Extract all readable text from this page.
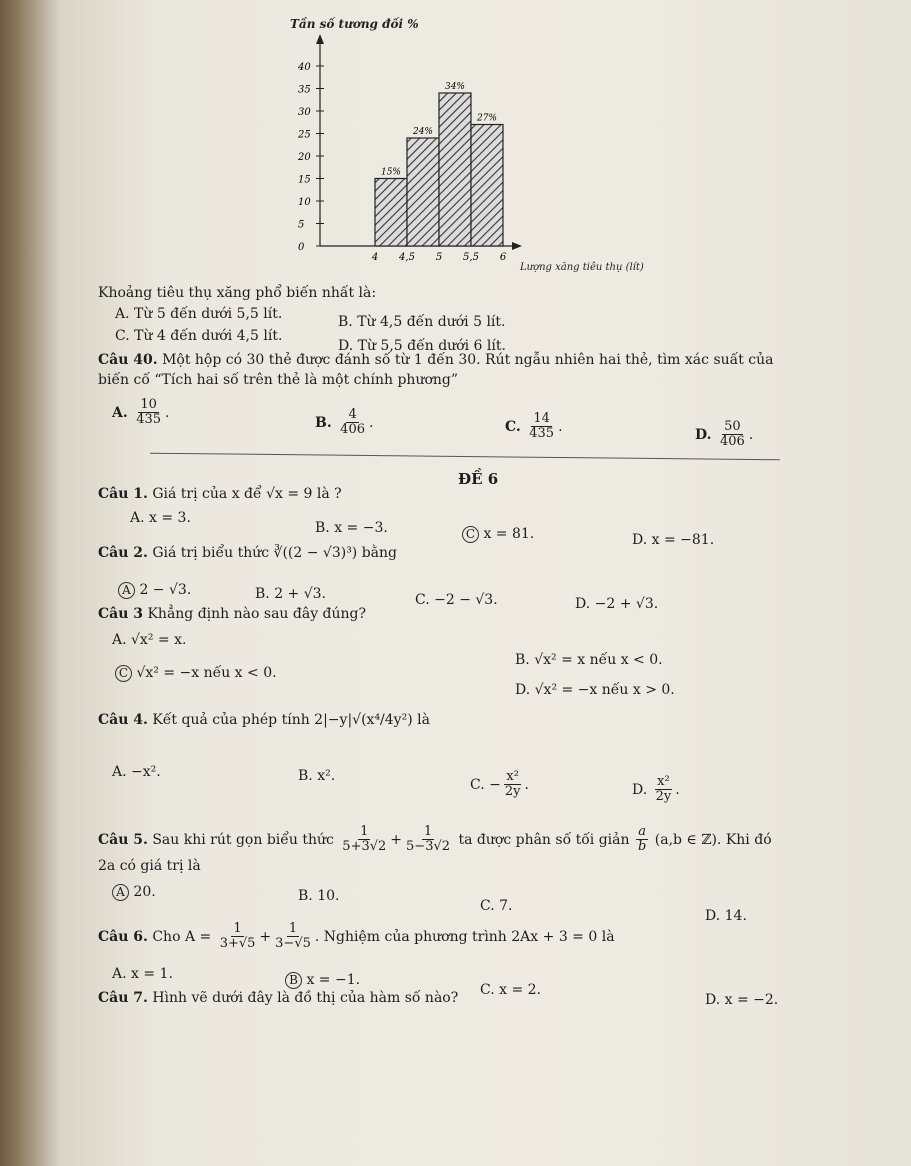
Tần số tương đối %
40
35
30
25
20
15
10
5
0
4 4,5 5 5,5 6
15%
24%
34%
27%
Lượng xăng tiêu thụ (lít)
Khoảng tiêu thụ xăng phổ biến nhất là:
A. Từ 5 đến dưới 5,5 lít.	B. Từ 4,5 đến dưới 5 lít.
C. Từ 4 đến dưới 4,5 lít.
D. Từ 5,5 đến dưới 6 lít.
Câu 40. Một hộp có 30 thẻ được đánh số từ 1 đến 30. Rút ngẫu nhiên hai thẻ, tìm xác suất của
biến cố “Tích hai số trên thẻ là một chính phương”
A. $\frac{10}{435}$ .
B. $\frac{4}{406}$ .	C. $\frac{14}{435}$ .	D. $\frac{50}{406}$ .
ĐỀ 6
Câu 1. Giá trị của x để √x = 9 là ?
A. x = 3.
B. x = −3.	C x = 81.	D. x = −81.
Câu 2. Giá trị biểu thức ∛((2 − √3)³) bằng
A 2 − √3.	B. 2 + √3.	C. −2 − √3.	D. −2 + √3.
Câu 3 Khẳng định nào sau đây đúng?
A. √x² = x.
B. √x² = x nếu x < 0.
C √x² = −x nếu x < 0.
D. √x² = −x nếu x > 0.
Câu 4. Kết quả của phép tính 2|−y|√(x⁴/4y²) là
A. −x².	B. x².
C. − $\frac{\text{x²}}{2y}$ .	D. $\frac{\text{x²}}{2y}$ .
Câu 5. Sau khi rút gọn biểu thức $\frac{1}{5+3√2} + \frac{1}{5-3√2}$ ta được phân số tối giản $\frac{a}{b} (a,b$ ∈ ℤ). Khi đó
2a có giá trị là
A 20.	B. 10.
C. 7.
D. 14.
Câu 6. Cho $A = \frac{1}{3+√5} + \frac{1}{3-√5}$ . Nghiệm của phương trình 2Ax + 3 = 0 là
A. x = 1.	B x = −1.
C. x = 2.
D. x = −2.
Câu 7. Hình vẽ dưới đây là đồ thị của hàm số nào?
